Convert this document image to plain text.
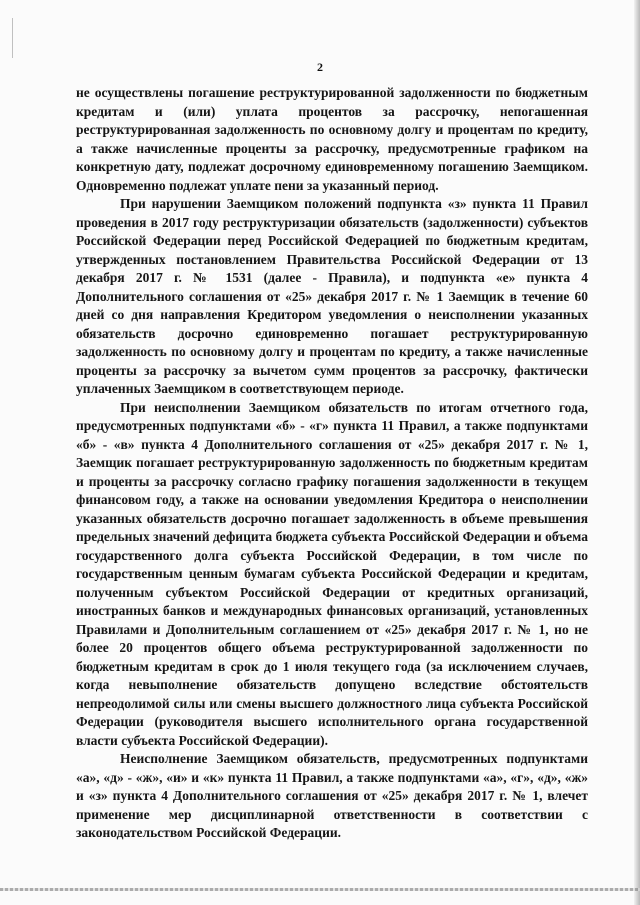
2

не осуществлены погашение реструктурированной задолженности по бюджетным кредитам и (или) уплата процентов за рассрочку, непогашенная реструктурированная задолженность по основному долгу и процентам по кредиту, а также начисленные проценты за рассрочку, предусмотренные графиком на конкретную дату, подлежат досрочному единовременному погашению Заемщиком. Одновременно подлежат уплате пени за указанный период.

При нарушении Заемщиком положений подпункта «з» пункта 11 Правил проведения в 2017 году реструктуризации обязательств (задолженности) субъектов Российской Федерации перед Российской Федерацией по бюджетным кредитам, утвержденных постановлением Правительства Российской Федерации от 13 декабря 2017 г. № 1531 (далее - Правила), и подпункта «е» пункта 4 Дополнительного соглашения от «25» декабря 2017 г. № 1 Заемщик в течение 60 дней со дня направления Кредитором уведомления о неисполнении указанных обязательств досрочно единовременно погашает реструктурированную задолженность по основному долгу и процентам по кредиту, а также начисленные проценты за рассрочку за вычетом сумм процентов за рассрочку, фактически уплаченных Заемщиком в соответствующем периоде.

При неисполнении Заемщиком обязательств по итогам отчетного года, предусмотренных подпунктами «б» - «г» пункта 11 Правил, а также подпунктами «б» - «в» пункта 4 Дополнительного соглашения от «25» декабря 2017 г. № 1, Заемщик погашает реструктурированную задолженность по бюджетным кредитам и проценты за рассрочку согласно графику погашения задолженности в текущем финансовом году, а также на основании уведомления Кредитора о неисполнении указанных обязательств досрочно погашает задолженность в объеме превышения предельных значений дефицита бюджета субъекта Российской Федерации и объема государственного долга субъекта Российской Федерации, в том числе по государственным ценным бумагам субъекта Российской Федерации и кредитам, полученным субъектом Российской Федерации от кредитных организаций, иностранных банков и международных финансовых организаций, установленных Правилами и Дополнительным соглашением от «25» декабря 2017 г. № 1, но не более 20 процентов общего объема реструктурированной задолженности по бюджетным кредитам в срок до 1 июля текущего года (за исключением случаев, когда невыполнение обязательств допущено вследствие обстоятельств непреодолимой силы или смены высшего должностного лица субъекта Российской Федерации (руководителя высшего исполнительного органа государственной власти субъекта Российской Федерации).

Неисполнение Заемщиком обязательств, предусмотренных подпунктами «а», «д» - «ж», «и» и «к» пункта 11 Правил, а также подпунктами «а», «г», «д», «ж» и «з» пункта 4 Дополнительного соглашения от «25» декабря 2017 г. № 1, влечет применение мер дисциплинарной ответственности в соответствии с законодательством Российской Федерации.
